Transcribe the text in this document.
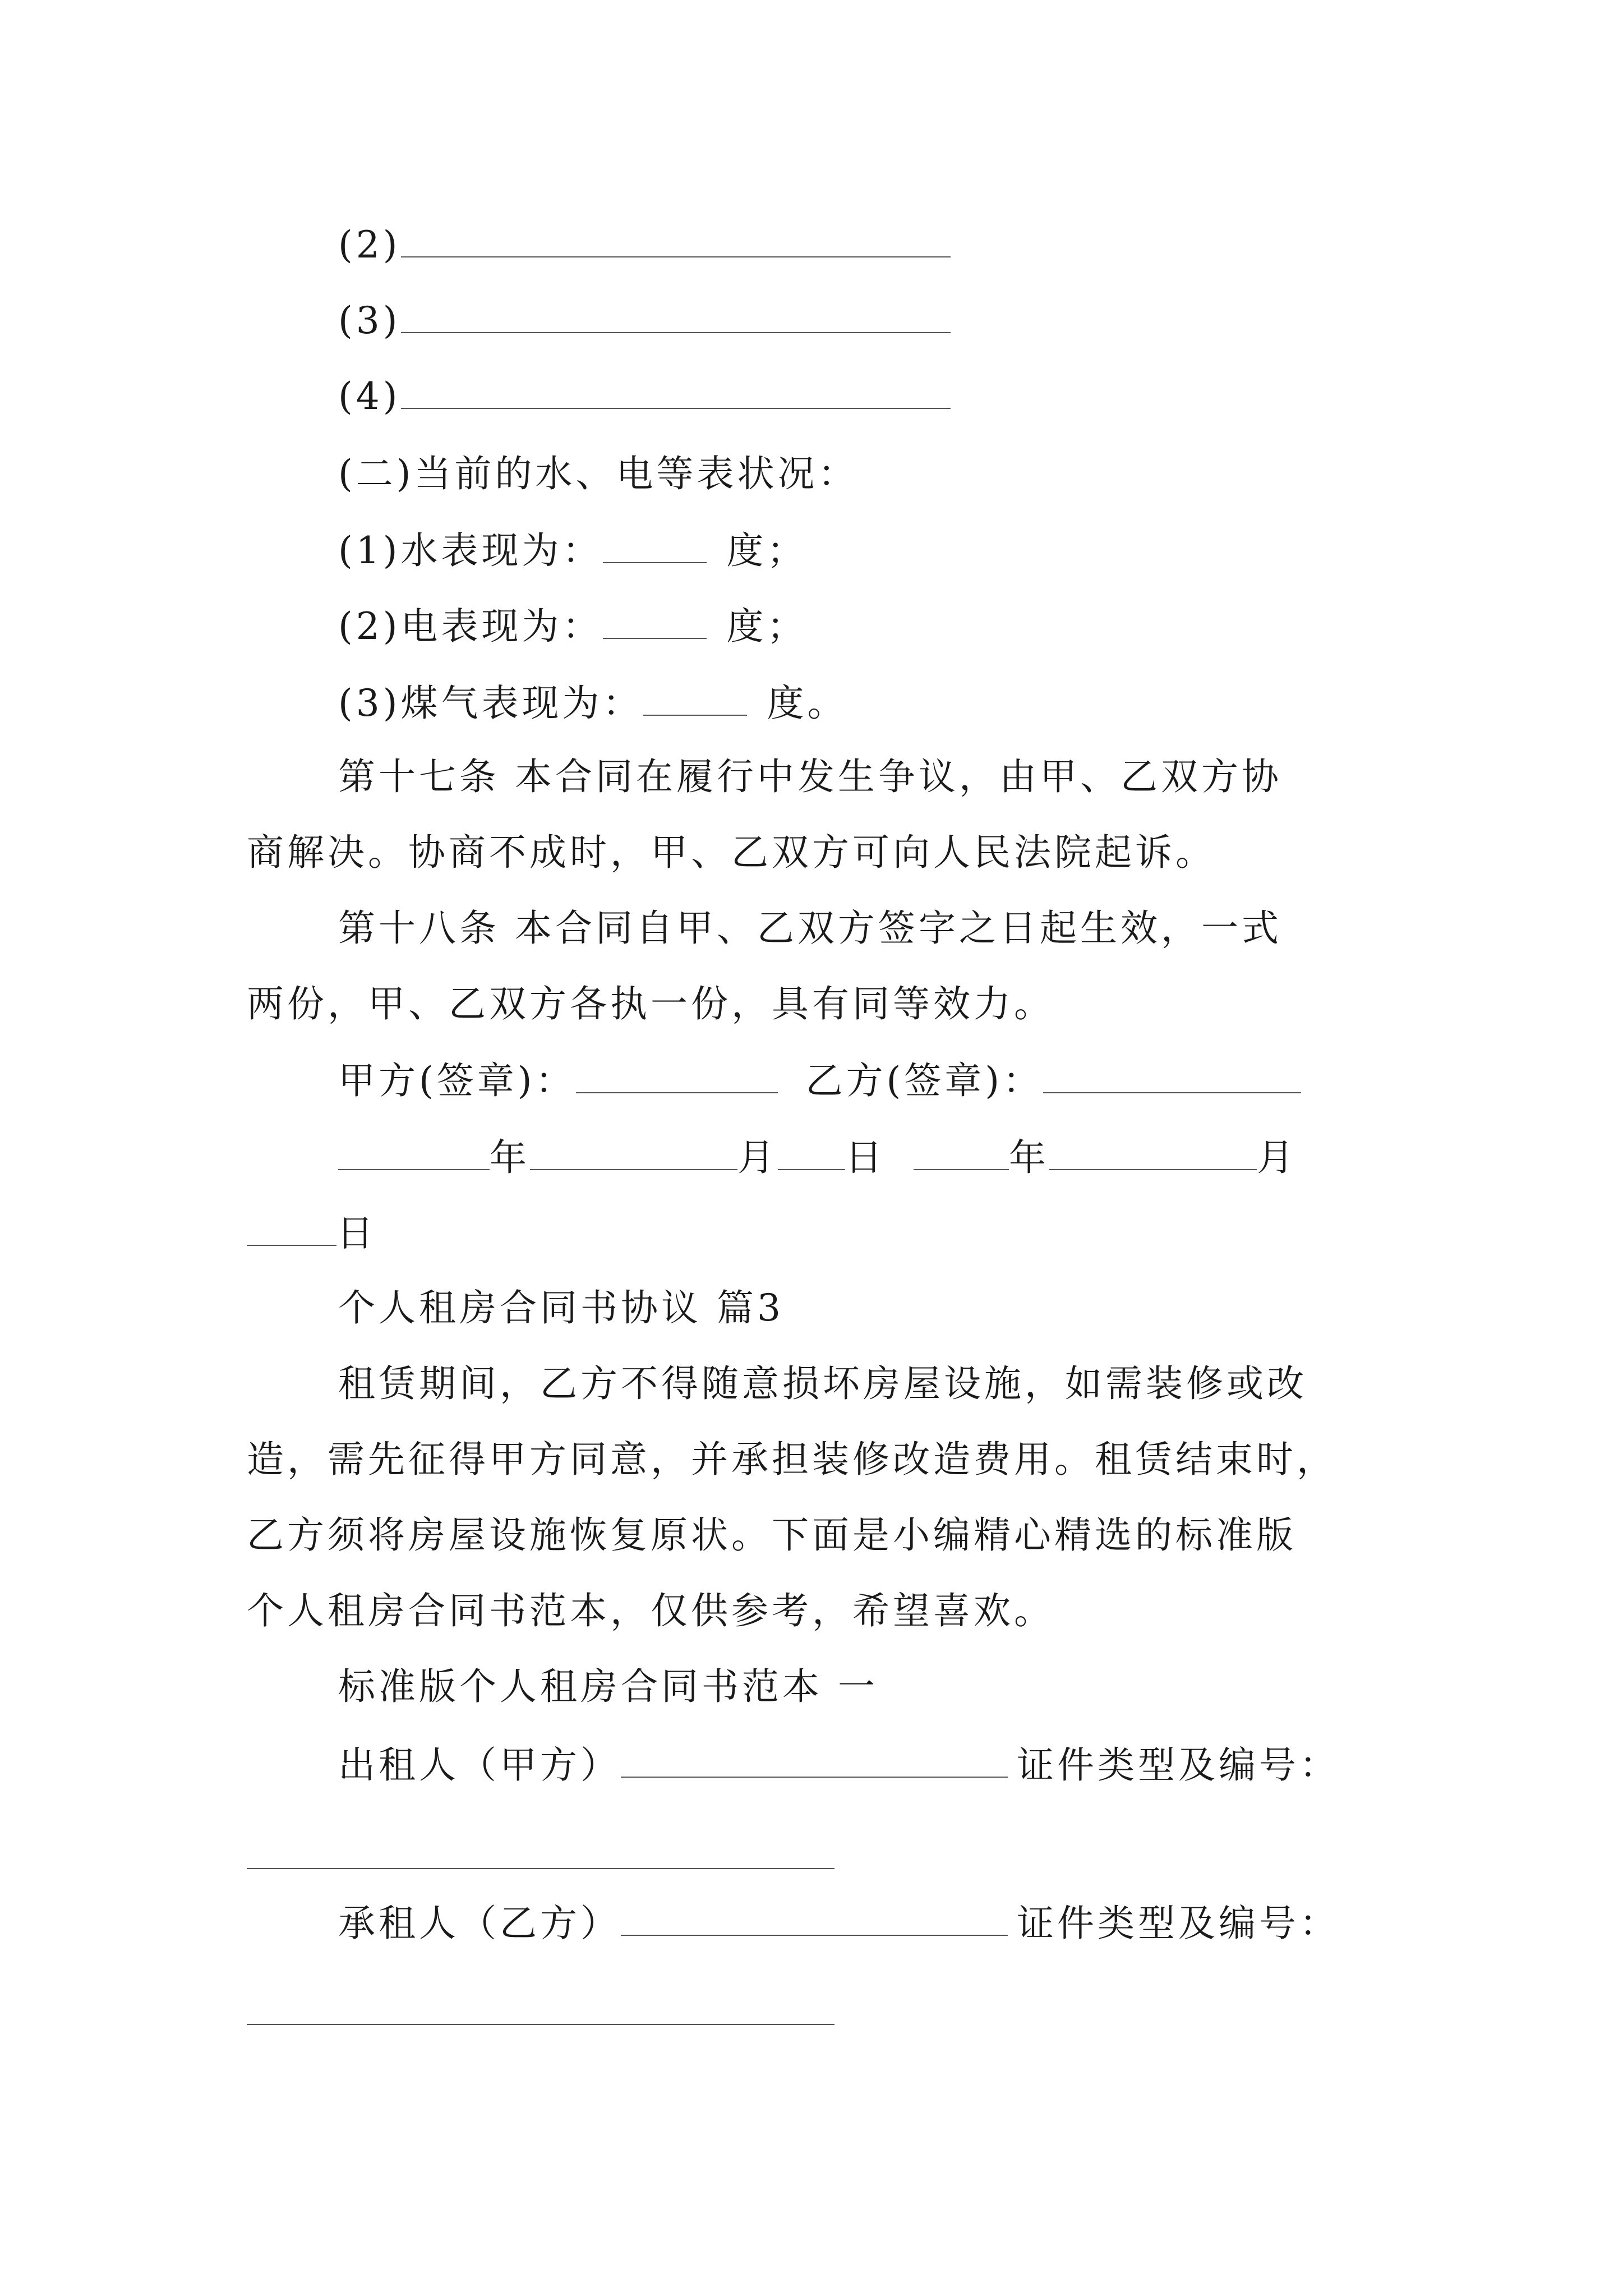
(2)
(3)
(4)
(二)当前的水、电等表状况：
(1)水表现为：	度；
(2)电表现为：	度；
(3)煤气表现为：	度。
第十七条 本合同在履行中发生争议，由甲、乙双方协
商解决。协商不成时，甲、乙双方可向人民法院起诉。
第十八条 本合同自甲、乙双方签字之日起生效，一式
两份，甲、乙双方各执一份，具有同等效力。
甲方(签章)：	乙方(签章)：
年	月 日	年	月
日
个人租房合同书协议 篇3
租赁期间，乙方不得随意损坏房屋设施，如需装修或改
造，需先征得甲方同意，并承担装修改造费用。租赁结束时，
乙方须将房屋设施恢复原状。下面是小编精心精选的标准版
个人租房合同书范本，仅供参考，希望喜欢。
标准版个人租房合同书范本 一
出租人（甲方）	证件类型及编号：
承租人（乙方）	证件类型及编号：
